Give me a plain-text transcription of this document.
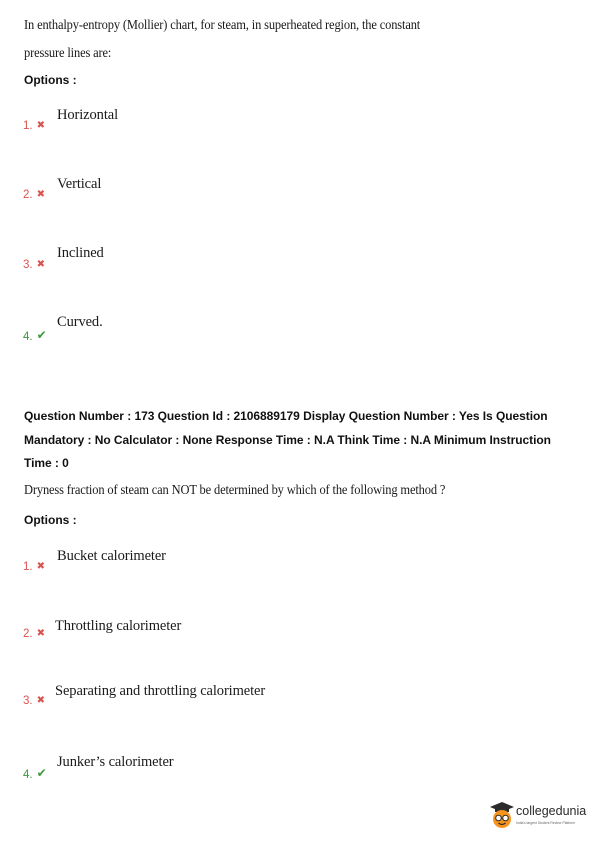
In enthalpy-entropy (Mollier) chart, for steam, in superheated region, the constant
pressure lines are:
Options :
Horizontal
1. ✖
Vertical
2. ✖
Inclined
3. ✖
Curved.
4. ✔
Question Number : 173 Question Id : 2106889179 Display Question Number : Yes Is Question
Mandatory : No Calculator : None Response Time : N.A Think Time : N.A Minimum Instruction
Time : 0
Dryness fraction of steam can NOT be determined by which of the following method ?
Options :
Bucket calorimeter
1. ✖
Throttling calorimeter
2. ✖
Separating and throttling calorimeter
3. ✖
Junker’s calorimeter
4. ✔
collegedunia
India's largest Student Review Platform
